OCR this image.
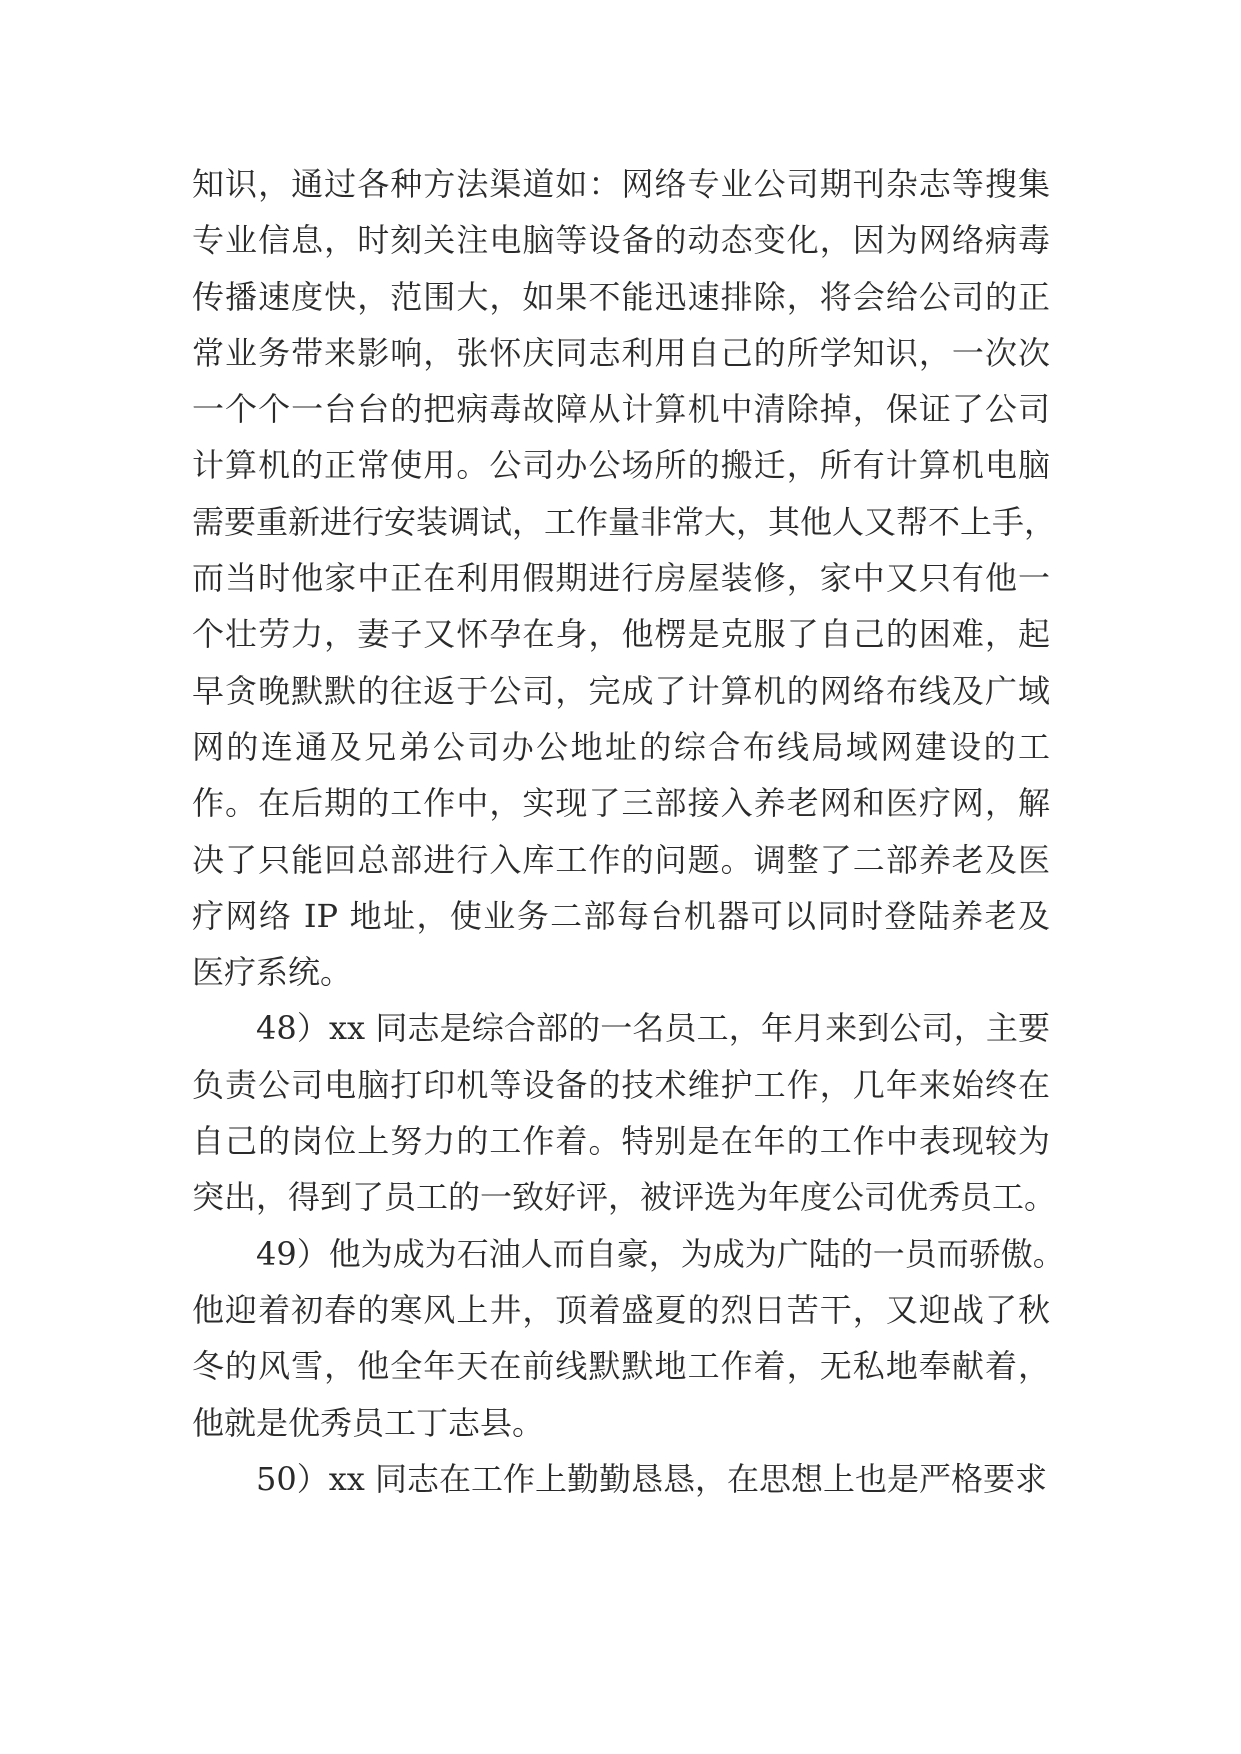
知识，通过各种方法渠道如：网络专业公司期刊杂志等搜集
专业信息，时刻关注电脑等设备的动态变化，因为网络病毒
传播速度快，范围大，如果不能迅速排除，将会给公司的正
常业务带来影响，张怀庆同志利用自己的所学知识，一次次
一个个一台台的把病毒故障从计算机中清除掉，保证了公司
计算机的正常使用。公司办公场所的搬迁，所有计算机电脑
需要重新进行安装调试，工作量非常大，其他人又帮不上手，
而当时他家中正在利用假期进行房屋装修，家中又只有他一
个壮劳力，妻子又怀孕在身，他楞是克服了自己的困难，起
早贪晚默默的往返于公司，完成了计算机的网络布线及广域
网的连通及兄弟公司办公地址的综合布线局域网建设的工
作。在后期的工作中，实现了三部接入养老网和医疗网，解
决了只能回总部进行入库工作的问题。调整了二部养老及医
疗网络 IP 地址，使业务二部每台机器可以同时登陆养老及
医疗系统。
48）xx 同志是综合部的一名员工，年月来到公司，主要
负责公司电脑打印机等设备的技术维护工作，几年来始终在
自己的岗位上努力的工作着。特别是在年的工作中表现较为
突出，得到了员工的一致好评，被评选为年度公司优秀员工。
49）他为成为石油人而自豪，为成为广陆的一员而骄傲。
他迎着初春的寒风上井，顶着盛夏的烈日苦干，又迎战了秋
冬的风雪，他全年天在前线默默地工作着，无私地奉献着，
他就是优秀员工丁志县。
50）xx 同志在工作上勤勤恳恳，在思想上也是严格要求
